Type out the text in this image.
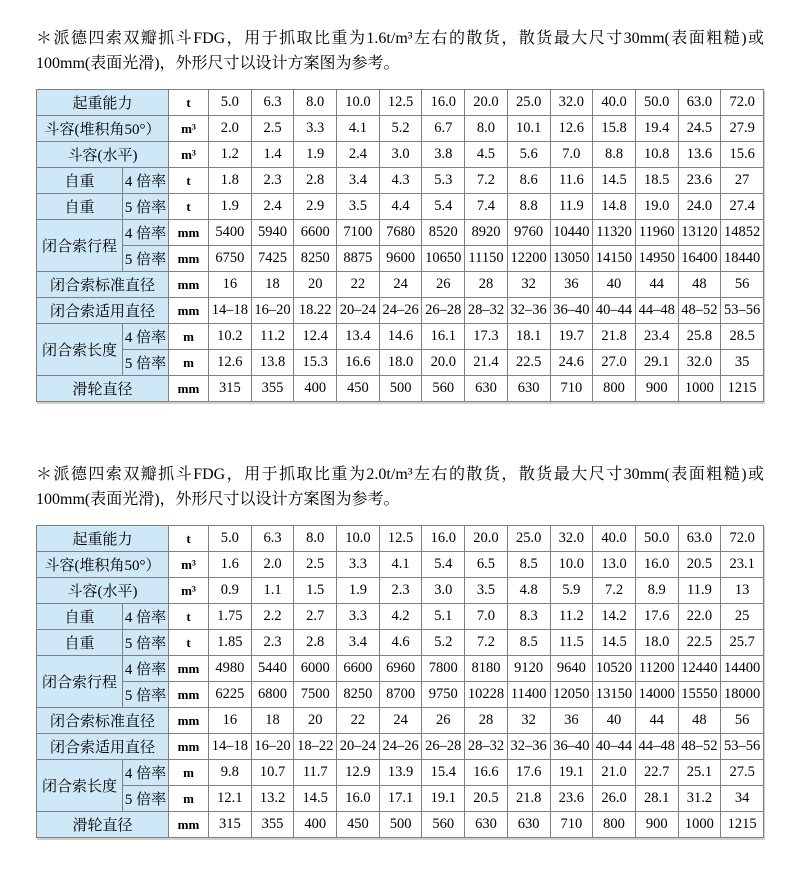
＊派德四索双瓣抓斗FDG，用于抓取比重为1.6t/m³左右的散货，散货最大尺寸30mm(表面粗糙)或100mm(表面光滑)，外形尺寸以设计方案图为参考。

起重能力		t	5.0	6.3	8.0	10.0	12.5	16.0	20.0	25.0	32.0	40.0	50.0	63.0	72.0
斗容(堆积角50°）		m³	2.0	2.5	3.3	4.1	5.2	6.7	8.0	10.1	12.6	15.8	19.4	24.5	27.9
斗容(水平)		m³	1.2	1.4	1.9	2.4	3.0	3.8	4.5	5.6	7.0	8.8	10.8	13.6	15.6
自重	4 倍率	t	1.8	2.3	2.8	3.4	4.3	5.3	7.2	8.6	11.6	14.5	18.5	23.6	27
自重	5 倍率	t	1.9	2.4	2.9	3.5	4.4	5.4	7.4	8.8	11.9	14.8	19.0	24.0	27.4
闭合索行程	4 倍率	mm	5400	5940	6600	7100	7680	8520	8920	9760	10440	11320	11960	13120	14852
	5 倍率	mm	6750	7425	8250	8875	9600	10650	11150	12200	13050	14150	14950	16400	18440
闭合索标准直径		mm	16	18	20	22	24	26	28	32	36	40	44	48	56
闭合索适用直径		mm	14–18	16–20	18.22	20–24	24–26	26–28	28–32	32–36	36–40	40–44	44–48	48–52	53–56
闭合索长度	4 倍率	m	10.2	11.2	12.4	13.4	14.6	16.1	17.3	18.1	19.7	21.8	23.4	25.8	28.5
	5 倍率	m	12.6	13.8	15.3	16.6	18.0	20.0	21.4	22.5	24.6	27.0	29.1	32.0	35
滑轮直径		mm	315	355	400	450	500	560	630	630	710	800	900	1000	1215

＊派德四索双瓣抓斗FDG，用于抓取比重为2.0t/m³左右的散货，散货最大尺寸30mm(表面粗糙)或100mm(表面光滑)，外形尺寸以设计方案图为参考。

起重能力		t	5.0	6.3	8.0	10.0	12.5	16.0	20.0	25.0	32.0	40.0	50.0	63.0	72.0
斗容(堆积角50°）		m³	1.6	2.0	2.5	3.3	4.1	5.4	6.5	8.5	10.0	13.0	16.0	20.5	23.1
斗容(水平)		m³	0.9	1.1	1.5	1.9	2.3	3.0	3.5	4.8	5.9	7.2	8.9	11.9	13
自重	4 倍率	t	1.75	2.2	2.7	3.3	4.2	5.1	7.0	8.3	11.2	14.2	17.6	22.0	25
自重	5 倍率	t	1.85	2.3	2.8	3.4	4.6	5.2	7.2	8.5	11.5	14.5	18.0	22.5	25.7
闭合索行程	4 倍率	mm	4980	5440	6000	6600	6960	7800	8180	9120	9640	10520	11200	12440	14400
	5 倍率	mm	6225	6800	7500	8250	8700	9750	10228	11400	12050	13150	14000	15550	18000
闭合索标准直径		mm	16	18	20	22	24	26	28	32	36	40	44	48	56
闭合索适用直径		mm	14–18	16–20	18–22	20–24	24–26	26–28	28–32	32–36	36–40	40–44	44–48	48–52	53–56
闭合索长度	4 倍率	m	9.8	10.7	11.7	12.9	13.9	15.4	16.6	17.6	19.1	21.0	22.7	25.1	27.5
	5 倍率	m	12.1	13.2	14.5	16.0	17.1	19.1	20.5	21.8	23.6	26.0	28.1	31.2	34
滑轮直径		mm	315	355	400	450	500	560	630	630	710	800	900	1000	1215
